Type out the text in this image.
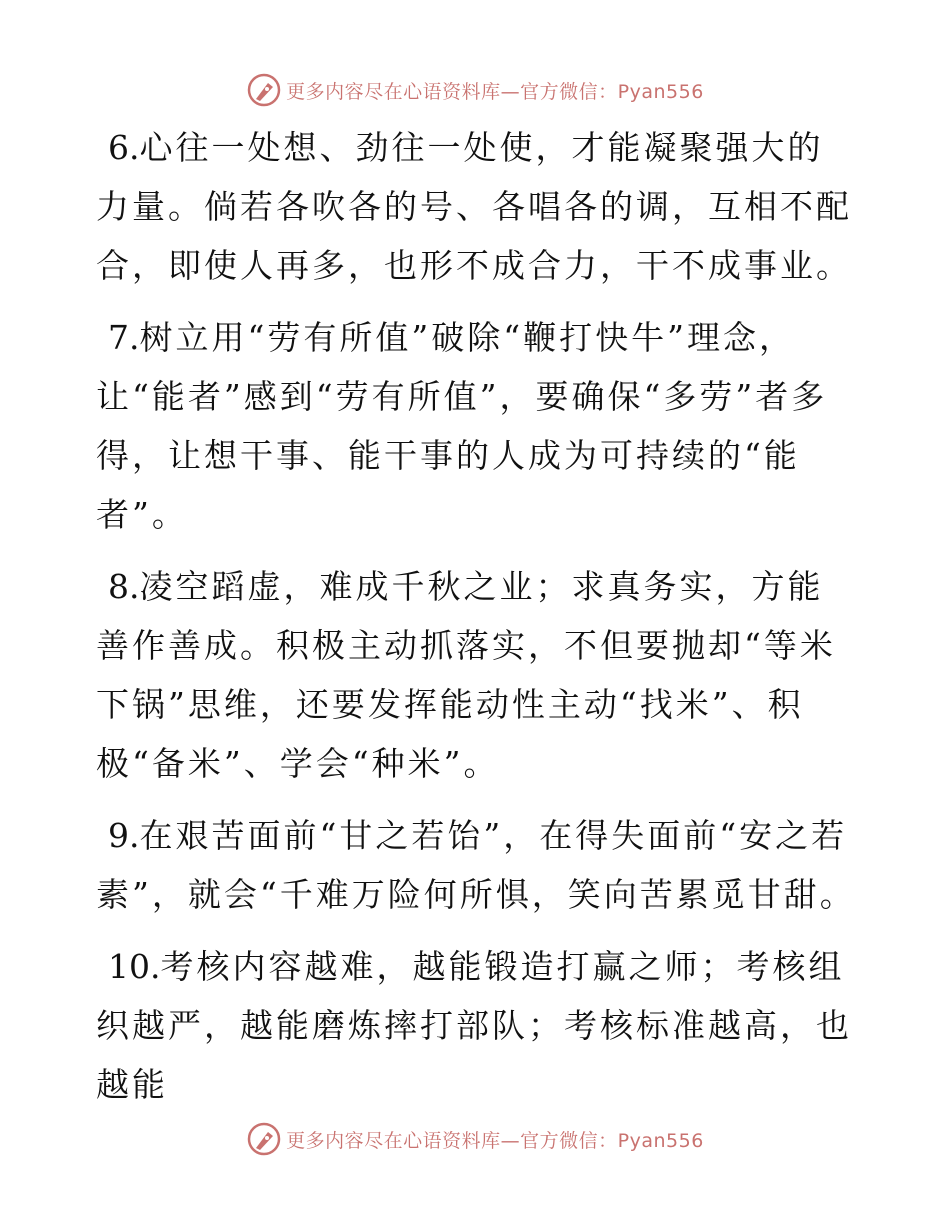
更多内容尽在心语资料库—官方微信：Pyan556

6.心往一处想、劲往一处使，才能凝聚强大的力量。倘若各吹各的号、各唱各的调，互相不配合，即使人再多，也形不成合力，干不成事业。

7.树立用“劳有所值”破除“鞭打快牛”理念，让“能者”感到“劳有所值”，要确保“多劳”者多得，让想干事、能干事的人成为可持续的“能者”。

8.凌空蹈虚，难成千秋之业；求真务实，方能善作善成。积极主动抓落实，不但要抛却“等米下锅”思维，还要发挥能动性主动“找米”、积极“备米”、学会“种米”。

9.在艰苦面前“甘之若饴”，在得失面前“安之若素”，就会“千难万险何所惧，笑向苦累觅甘甜。

10.考核内容越难，越能锻造打赢之师；考核组织越严，越能磨炼摔打部队；考核标准越高，也越能

更多内容尽在心语资料库—官方微信：Pyan556
